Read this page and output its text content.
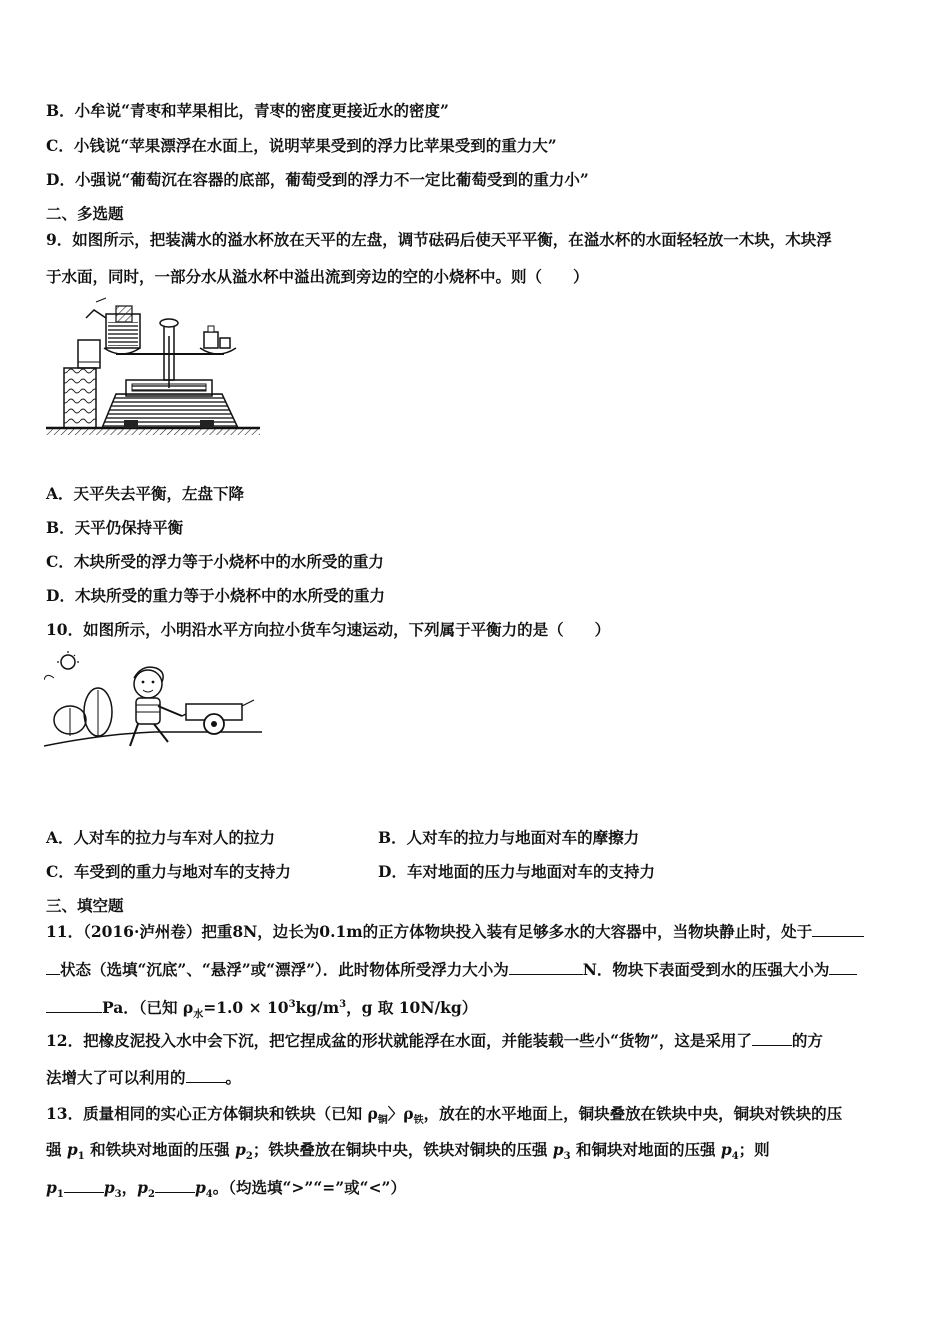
B．小牟说“青枣和苹果相比，青枣的密度更接近水的密度”
C．小钱说“苹果漂浮在水面上，说明苹果受到的浮力比苹果受到的重力大”
D．小强说“葡萄沉在容器的底部，葡萄受到的浮力不一定比葡萄受到的重力小”
二、多选题
9．如图所示，把装满水的溢水杯放在天平的左盘，调节砝码后使天平平衡，在溢水杯的水面轻轻放一木块，木块浮
于水面，同时，一部分水从溢水杯中溢出流到旁边的空的小烧杯中。则（　　）
A．天平失去平衡，左盘下降
B．天平仍保持平衡
C．木块所受的浮力等于小烧杯中的水所受的重力
D．木块所受的重力等于小烧杯中的水所受的重力
10．如图所示，小明沿水平方向拉小货车匀速运动，下列属于平衡力的是（　　）
A．人对车的拉力与车对人的拉力	B．人对车的拉力与地面对车的摩擦力
C．车受到的重力与地对车的支持力	D．车对地面的压力与地面对车的支持力
三、填空题
11．（2016·泸州卷）把重8N，边长为0.1m的正方体物块投入装有足够多水的大容器中，当物块静止时，处于
状态（选填“沉底”、“悬浮”或“漂浮”）．此时物体所受浮力大小为	N．物块下表面受到水的压强大小为
Pa．（已知 $\rho_水=1.0 \times 10^3kg/m^3$，g 取 10N/kg）
12．把橡皮泥投入水中会下沉，把它捏成盆的形状就能浮在水面，并能装载一些小“货物”，这是采用了	的方
法增大了可以利用的	。
13．质量相同的实心正方体铜块和铁块（已知 $\rho_铜$〉$\rho_铁$，放在的水平地面上，铜块叠放在铁块中央，铜块对铁块的压
强 $p_1$ 和铁块对地面的压强 $p_2$；铁块叠放在铜块中央，铁块对铜块的压强 $p_3$ 和铜块对地面的压强 $p_4$；则
$p_1$	$p_3$，$p_2$	$p_4$。（均选填“>”“=”或“<”）
